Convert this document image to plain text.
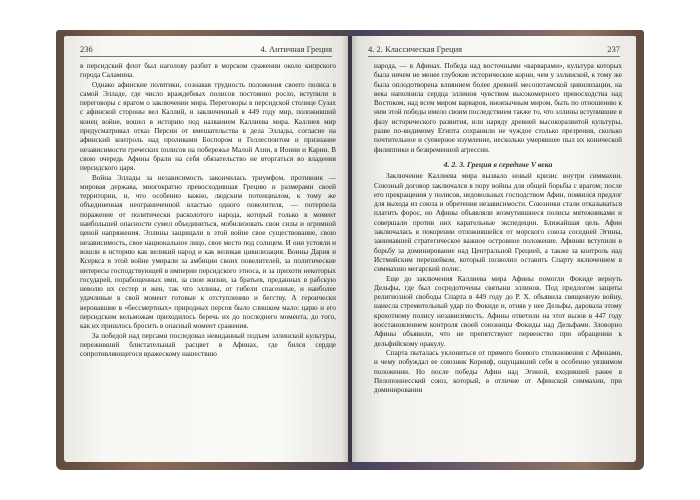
236	4. Античная Греция

в персидский флот был наголову разбит в морском сражении около кипрского города Саламина.

Однако афинские политики, сознавая трудность положения своего полиса в самой Элладе, где число враждебных полисов постоянно росло, вступили в переговоры с врагом о заключении мира. Переговоры в персидской столице Сузах с афинской стороны вел Каллий, и заключенный в 449 году мир, положивший конец войне, вошел в историю под названием Каллиева мира. Каллиев мир предусматривал отказ Персии от вмешательства в дела Эллады, согласие на афинский контроль над проливами Боспором и Геллеспонтом и признание независимости греческих полисов на побережье Малой Азии, в Ионии и Карии. В свою очередь Афины брали на себя обязательство не вторгаться во владения персидского царя.

Война Эллады за независимость закончилась триумфом, противник — мировая держава, многократно превосходившая Грецию и размерами своей территории, и, что особенно важно, людским потенциалом, к тому же объединенная неограниченной властью одного повелителя, — потерпела поражение от политически расколотого народа, который только в момент наибольшей опасности сумел объединиться, мобилизовать свои силы и огромной ценой напряжения. Эллины защищали в этой войне свое существование, свою независимость, свое национальное лицо, свое место под солнцем. И они устояли и вошли в историю как великий народ и как великая цивилизация. Воины Дария и Ксеркса в этой войне умирали за амбиции своих повелителей, за политические интересы господствующей в империи персидского этноса, и за прихоти некоторых государей, порабощенных ими, за свои жизни, за братьев, преданных в рабскую неволю их сестер и жен, так что эллины, от гибели спасенные, и наиболее удачливые в свой момент готовые к отступлению и бегству. А героически веровавшие в «бессмертных» природных персов было слишком мало: царю и его персидским вельможам приходилось беречь их до последнего момента, до того, как их пришлось бросить в опасный момент сражения.

За победой над персами последовал невиданный подъем эллинской культуры, переживший блистательный расцвет в Афинах, где бился сердце сопротивляющегося вражескому нашествию

4. 2. Классическая Греция	237

народа, — в Афинах. Победа над восточными «варварами», культура которых была ничем не менее глубокие исторические корни, чем у эллинской, к тому же была оплодотворена влиянием более древней месопотамской цивилизации, на века наполнила сердца эллинов чувством высокомерного превосходства над Востоком, над всем миром варваров, иноязычным миром, быть по отношению к ним этой победы имело своим последствием также то, что эллины вступившие в фазу исторического развития, или наряду древней высокоразвитой культуры, разве по-видимому Египта сохранили не чуждое столько презрения, сколько почтительное и суеверное изумление, несколько умерявшее пыл их конической филиппики и безвременной агрессии.

4. 2. 3. Греция в середине V века

Заключение Каллиева мира вызвало новый кризис внутри симмахии. Союзный договор заключался в пору войны для общей борьбы с врагом; после его прекращения у полисов, недовольных господством Афин, появился предлог для выхода из союза и обретения независимости. Союзники стали отказываться платить форос, но Афины объявляли возмутившиеся полисы мятежниками и совершали против них карательные экспедиции. Ближайшая цель Афин заключалась в покорении отложившейся от морского союза соседней Эгины, занимавшей стратегическое важное островное положение. Афинян вступили в борьбу за доминирование над Центральной Грецией, а также за контроль над Истмийским перешейком, который позволил оставить Спарту включением в симмахию мегарский полис.

Еще до заключения Каллиева мира Афины помогли Фокиде вернуть Дельфы, где был сосредоточены святыни эллинов. Под предлогом защиты религиозной свободы Спарта в 449 году до Р. Х. объявила священную войну, нанесла стремительный удар по Фокиде и, отняв у нее Дельфы, даровала этому крохотному полису независимость. Афины ответили на этот вызов в 447 году восстановлением контроля своей союзницы Фокиды над Дельфами. Зловорно Афины объявили, что не препятствуют первенство при обращении к дельфийскому оракулу.

Спарта пыталась уклониться от прямого боевого столкновения с Афинами, и чему побуждал ее союзник Коринф, ощущавший себя в особенно уязвимом положении. Но после победы Афин над Эгиной, входившей ранее в Пелопоннесский союз, который, в отличие от Афинской симмахии, при доминировании
